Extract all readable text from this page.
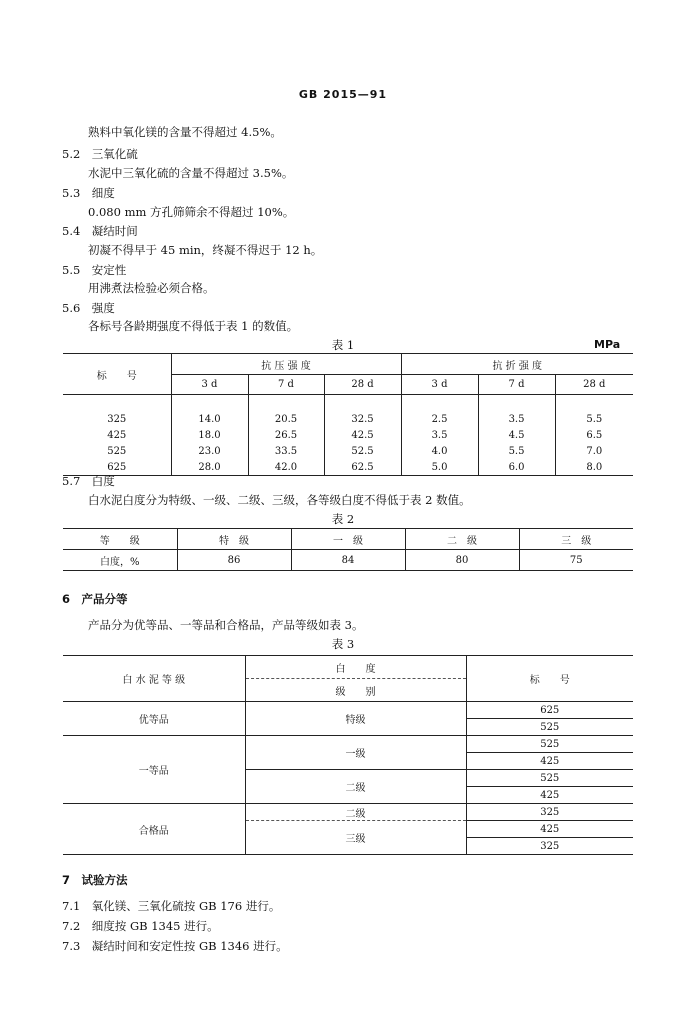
GB 2015—91
熟料中氧化镁的含量不得超过 4.5%。
5.2　三氧化硫
水泥中三氧化硫的含量不得超过 3.5%。
5.3　细度
0.080 mm 方孔筛筛余不得超过 10%。
5.4　凝结时间
初凝不得早于 45 min，终凝不得迟于 12 h。
5.5　安定性
用沸煮法检验必须合格。
5.6　强度
各标号各龄期强度不得低于表 1 的数值。
表 1	MPa
标　　号	抗 压 强 度			抗 折 强 度		
	3 d	7 d	28 d	3 d	7 d	28 d

325	14.0	20.5	32.5	2.5	3.5	5.5
425	18.0	26.5	42.5	3.5	4.5	6.5
525	23.0	33.5	52.5	4.0	5.5	7.0
625	28.0	42.0	62.5	5.0	6.0	8.0
5.7　白度
白水泥白度分为特级、一级、二级、三级，各等级白度不得低于表 2 数值。
表 2
等　　级	特　级	一　级	二　级	三　级
白度，%	86	84	80	75
6　产品分等
产品分为优等品、一等品和合格品，产品等级如表 3。
表 3
白 水 泥 等 级	白　　度	标　　号
	级　　别	
优等品	特级	625
		525
一等品	一级	525
		425
	二级	525
		425
合格品	二级	325

	三级	425
		325
7　试验方法
7.1　氧化镁、三氧化硫按 GB 176 进行。
7.2　细度按 GB 1345 进行。
7.3　凝结时间和安定性按 GB 1346 进行。
